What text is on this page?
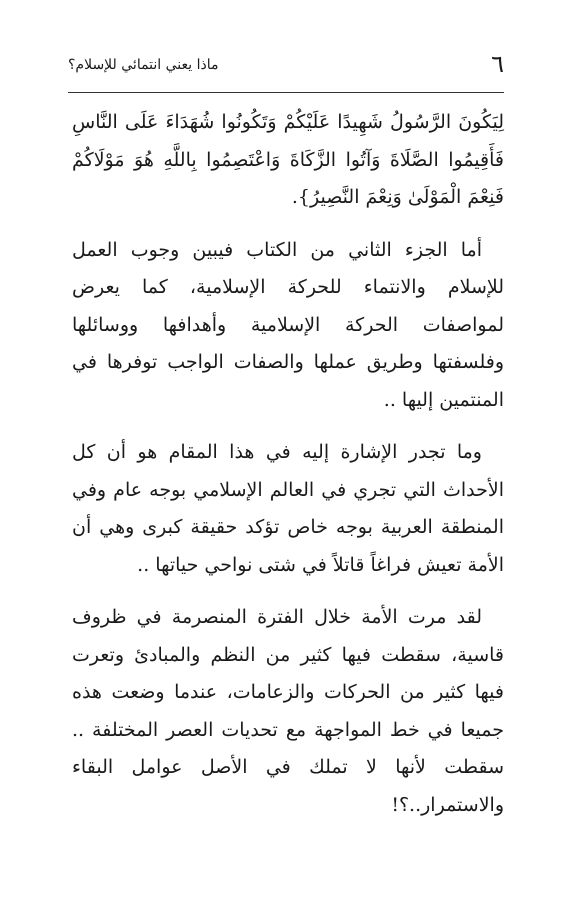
٦
ماذا يعني انتمائي للإسلام؟

لِيَكُونَ الرَّسُولُ شَهِيدًا عَلَيْكُمْ وَتَكُونُوا شُهَدَاءَ عَلَى النَّاسِ فَأَقِيمُوا الصَّلَاةَ وَآتُوا الزَّكَاةَ وَاعْتَصِمُوا بِاللَّهِ هُوَ مَوْلَاكُمْ فَنِعْمَ الْمَوْلَىٰ وَنِعْمَ النَّصِيرُ}.

أما الجزء الثاني من الكتاب فيبين وجوب العمل للإسلام والانتماء للحركة الإسلامية، كما يعرض لمواصفات الحركة الإسلامية وأهدافها ووسائلها وفلسفتها وطريق عملها والصفات الواجب توفرها في المنتمين إليها ..

وما تجدر الإشارة إليه في هذا المقام هو أن كل الأحداث التي تجري في العالم الإسلامي بوجه عام وفي المنطقة العربية بوجه خاص تؤكد حقيقة كبرى وهي أن الأمة تعيش فراغاً قاتلاً في شتى نواحي حياتها ..

لقد مرت الأمة خلال الفترة المنصرمة في ظروف قاسية، سقطت فيها كثير من النظم والمبادئ وتعرت فيها كثير من الحركات والزعامات، عندما وضعت هذه جميعا في خط المواجهة مع تحديات العصر المختلفة .. سقطت لأنها لا تملك في الأصل عوامل البقاء والاستمرار..؟!
